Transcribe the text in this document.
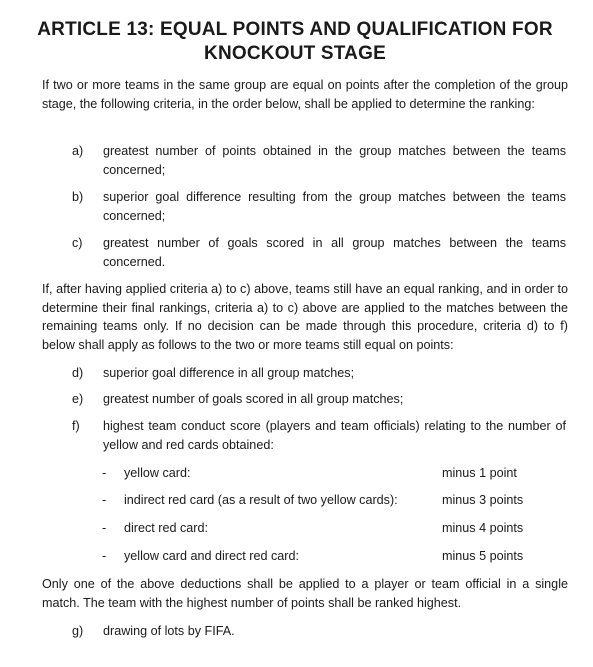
ARTICLE 13: EQUAL POINTS AND QUALIFICATION FOR
KNOCKOUT STAGE
If two or more teams in the same group are equal on points after the completion of the group stage, the following criteria, in the order below, shall be applied to determine the ranking:
a) greatest number of points obtained in the group matches between the teams concerned;
b) superior goal difference resulting from the group matches between the teams concerned;
c) greatest number of goals scored in all group matches between the teams concerned.
If, after having applied criteria a) to c) above, teams still have an equal ranking, and in order to determine their final rankings, criteria a) to c) above are applied to the matches between the remaining teams only. If no decision can be made through this procedure, criteria d) to f) below shall apply as follows to the two or more teams still equal on points:
d) superior goal difference in all group matches;
e) greatest number of goals scored in all group matches;
f) highest team conduct score (players and team officials) relating to the number of yellow and red cards obtained:
- yellow card:	minus 1 point
- indirect red card (as a result of two yellow cards):	minus 3 points
- direct red card:	minus 4 points
- yellow card and direct red card:	minus 5 points
Only one of the above deductions shall be applied to a player or team official in a single match. The team with the highest number of points shall be ranked highest.
g) drawing of lots by FIFA.
